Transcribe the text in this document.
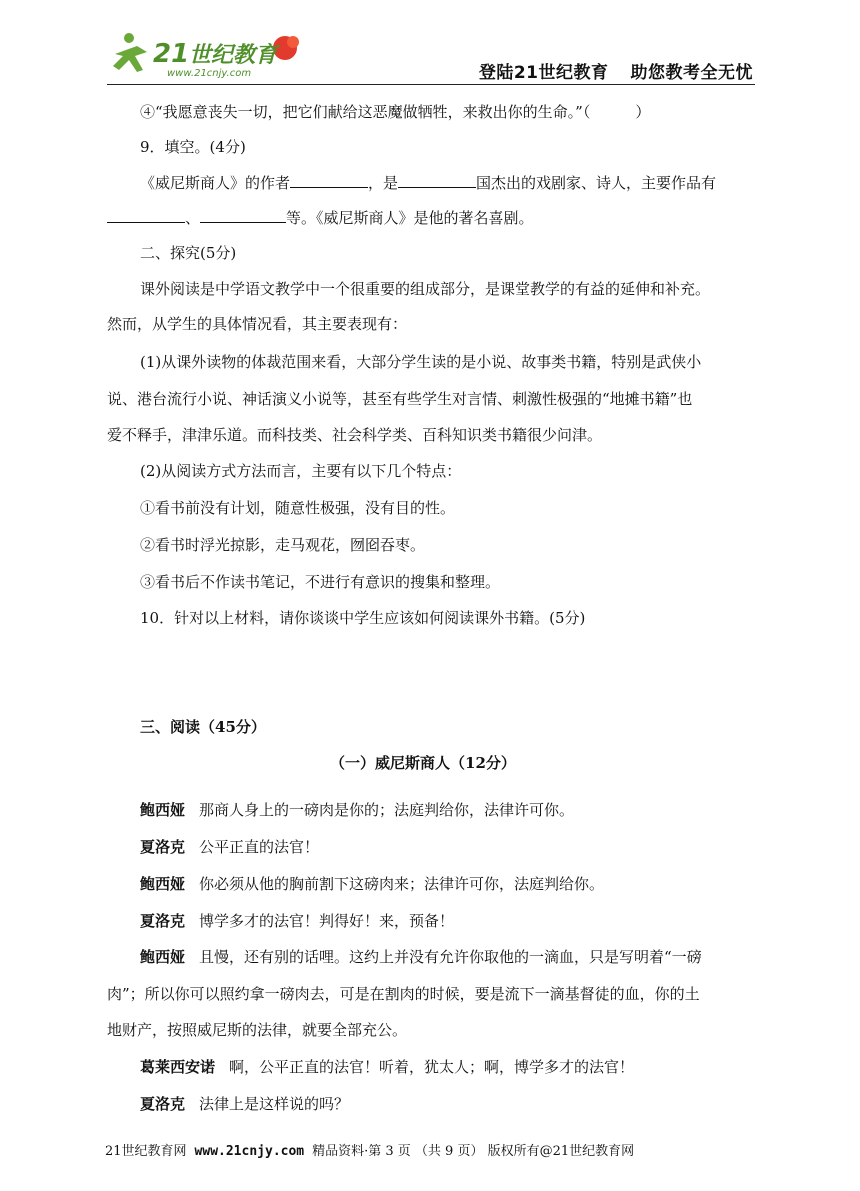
21 世纪教育
www.21cnjy.com	登陆21世纪教育 助您教考全无忧
④“我愿意丧失一切，把它们献给这恶魔做牺牲，来救出你的生命。”（　　　）
9．填空。(4分)
《威尼斯商人》的作者	，是	国杰出的戏剧家、诗人，主要作品有
、	等。《威尼斯商人》是他的著名喜剧。
二、探究(5分)
课外阅读是中学语文教学中一个很重要的组成部分，是课堂教学的有益的延伸和补充。
然而，从学生的具体情况看，其主要表现有：
(1)从课外读物的体裁范围来看，大部分学生读的是小说、故事类书籍，特别是武侠小
说、港台流行小说、神话演义小说等，甚至有些学生对言情、刺激性极强的“地摊书籍”也
爱不释手，津津乐道。而科技类、社会科学类、百科知识类书籍很少问津。
(2)从阅读方式方法而言，主要有以下几个特点：
①看书前没有计划，随意性极强，没有目的性。
②看书时浮光掠影，走马观花，囫囵吞枣。
③看书后不作读书笔记，不进行有意识的搜集和整理。
10．针对以上材料，请你谈谈中学生应该如何阅读课外书籍。(5分)
三、阅读（45分）
（一）威尼斯商人（12分）
鲍西娅 那商人身上的一磅肉是你的；法庭判给你，法律许可你。
夏洛克 公平正直的法官！
鲍西娅 你必须从他的胸前割下这磅肉来；法律许可你，法庭判给你。
夏洛克 博学多才的法官！判得好！来，预备！
鲍西娅 且慢，还有别的话哩。这约上并没有允许你取他的一滴血，只是写明着“一磅
肉”；所以你可以照约拿一磅肉去，可是在割肉的时候，要是流下一滴基督徒的血，你的土
地财产，按照威尼斯的法律，就要全部充公。
葛莱西安诺 啊，公平正直的法官！听着，犹太人；啊，博学多才的法官！
夏洛克 法律上是这样说的吗？
21世纪教育网 www.21cnjy.com 精品资料·第 3 页 （共 9 页） 版权所有@21世纪教育网
